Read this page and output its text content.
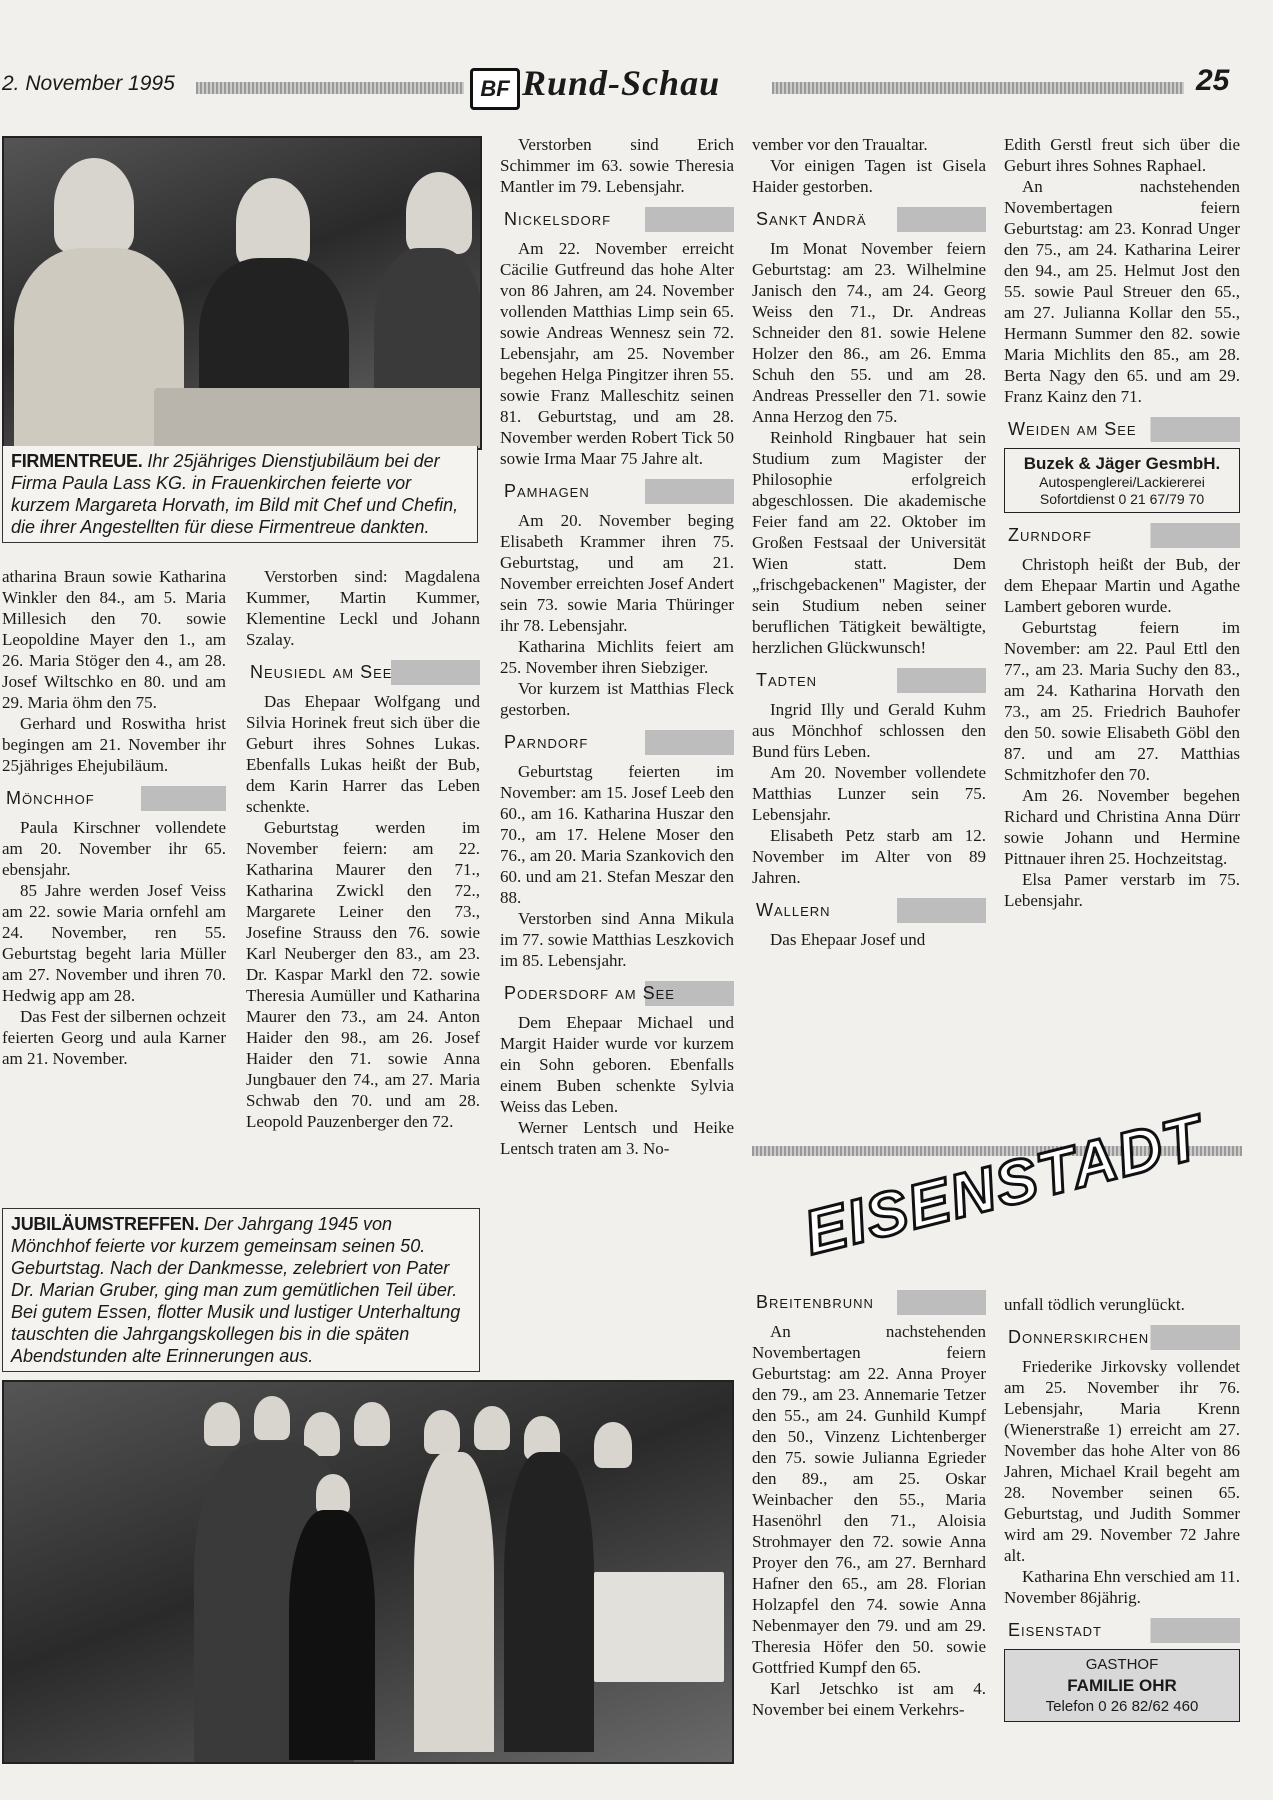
2. November 1995	BF Rund-Schau	25
FIRMENTREUE. Ihr 25jähriges Dienstjubiläum bei der Firma Paula Lass KG. in Frauenkirchen feierte vor kurzem Margareta Horvath, im Bild mit Chef und Chefin, die ihrer Angestellten für diese Firmentreue dankten.

atharina Braun sowie Katharina Winkler den 84., am 5. Maria Millesich den 70. sowie Leopoldine Mayer den 1., am 26. Maria Stöger den 4., am 28. Josef Wiltschko en 80. und am 29. Maria öhm den 75.

Gerhard und Roswitha hrist begingen am 21. November ihr 25jähriges Ehejubiläum.

Mönchhof

Paula Kirschner vollendete am 20. November ihr 65. ebensjahr.

85 Jahre werden Josef Veiss am 22. sowie Maria ornfehl am 24. November, ren 55. Geburtstag begeht laria Müller am 27. November und ihren 70. Hedwig app am 28.

Das Fest der silbernen ochzeit feierten Georg und aula Karner am 21. November.

Verstorben sind: Magdalena Kummer, Martin Kummer, Klementine Leckl und Johann Szalay.

Neusiedl am See

Das Ehepaar Wolfgang und Silvia Horinek freut sich über die Geburt ihres Sohnes Lukas. Ebenfalls Lukas heißt der Bub, dem Karin Harrer das Leben schenkte.

Geburtstag werden im November feiern: am 22. Katharina Maurer den 71., Katharina Zwickl den 72., Margarete Leiner den 73., Josefine Strauss den 76. sowie Karl Neuberger den 83., am 23. Dr. Kaspar Markl den 72. sowie Theresia Aumüller und Katharina Maurer den 73., am 24. Anton Haider den 98., am 26. Josef Haider den 71. sowie Anna Jungbauer den 74., am 27. Maria Schwab den 70. und am 28. Leopold Pauzenberger den 72.

JUBILÄUMSTREFFEN. Der Jahrgang 1945 von Mönchhof feierte vor kurzem gemeinsam seinen 50. Geburtstag. Nach der Dankmesse, zelebriert von Pater Dr. Marian Gruber, ging man zum gemütlichen Teil über. Bei gutem Essen, flotter Musik und lustiger Unterhaltung tauschten die Jahrgangskollegen bis in die späten Abendstunden alte Erinnerungen aus.

Verstorben sind Erich Schimmer im 63. sowie Theresia Mantler im 79. Lebensjahr.

Nickelsdorf

Am 22. November erreicht Cäcilie Gutfreund das hohe Alter von 86 Jahren, am 24. November vollenden Matthias Limp sein 65. sowie Andreas Wennesz sein 72. Lebensjahr, am 25. November begehen Helga Pingitzer ihren 55. sowie Franz Malleschitz seinen 81. Geburtstag, und am 28. November werden Robert Tick 50 sowie Irma Maar 75 Jahre alt.

Pamhagen

Am 20. November beging Elisabeth Krammer ihren 75. Geburtstag, und am 21. November erreichten Josef Andert sein 73. sowie Maria Thüringer ihr 78. Lebensjahr.

Katharina Michlits feiert am 25. November ihren Siebziger.

Vor kurzem ist Matthias Fleck gestorben.

Parndorf

Geburtstag feierten im November: am 15. Josef Leeb den 60., am 16. Katharina Huszar den 70., am 17. Helene Moser den 76., am 20. Maria Szankovich den 60. und am 21. Stefan Meszar den 88.

Verstorben sind Anna Mikula im 77. sowie Matthias Leszkovich im 85. Lebensjahr.

Podersdorf am See

Dem Ehepaar Michael und Margit Haider wurde vor kurzem ein Sohn geboren. Ebenfalls einem Buben schenkte Sylvia Weiss das Leben.

Werner Lentsch und Heike Lentsch traten am 3. No-

vember vor den Traualtar.

Vor einigen Tagen ist Gisela Haider gestorben.

Sankt Andrä

Im Monat November feiern Geburtstag: am 23. Wilhelmine Janisch den 74., am 24. Georg Weiss den 71., Dr. Andreas Schneider den 81. sowie Helene Holzer den 86., am 26. Emma Schuh den 55. und am 28. Andreas Presseller den 71. sowie Anna Herzog den 75.

Reinhold Ringbauer hat sein Studium zum Magister der Philosophie erfolgreich abgeschlossen. Die akademische Feier fand am 22. Oktober im Großen Festsaal der Universität Wien statt. Dem „frischgebackenen" Magister, der sein Studium neben seiner beruflichen Tätigkeit bewältigte, herzlichen Glückwunsch!

Tadten

Ingrid Illy und Gerald Kuhm aus Mönchhof schlossen den Bund fürs Leben.

Am 20. November vollendete Matthias Lunzer sein 75. Lebensjahr.

Elisabeth Petz starb am 12. November im Alter von 89 Jahren.

Wallern

Das Ehepaar Josef und

Edith Gerstl freut sich über die Geburt ihres Sohnes Raphael.

An nachstehenden Novembertagen feiern Geburtstag: am 23. Konrad Unger den 75., am 24. Katharina Leirer den 94., am 25. Helmut Jost den 55. sowie Paul Streuer den 65., am 27. Julianna Kollar den 55., Hermann Summer den 82. sowie Maria Michlits den 85., am 28. Berta Nagy den 65. und am 29. Franz Kainz den 71.

Weiden am See
Buzek & Jäger GesmbH.
Autospenglerei/Lackiererei
Sofortdienst 0 21 67/79 70
Zurndorf

Christoph heißt der Bub, der dem Ehepaar Martin und Agathe Lambert geboren wurde.

Geburtstag feiern im November: am 22. Paul Ettl den 77., am 23. Maria Suchy den 83., am 24. Katharina Horvath den 73., am 25. Friedrich Bauhofer den 50. sowie Elisabeth Göbl den 87. und am 27. Matthias Schmitzhofer den 70.

Am 26. November begehen Richard und Christina Anna Dürr sowie Johann und Hermine Pittnauer ihren 25. Hochzeitstag.

Elsa Pamer verstarb im 75. Lebensjahr.

EISENSTADT
Breitenbrunn

An nachstehenden Novembertagen feiern Geburtstag: am 22. Anna Proyer den 79., am 23. Annemarie Tetzer den 55., am 24. Gunhild Kumpf den 50., Vinzenz Lichtenberger den 75. sowie Julianna Egrieder den 89., am 25. Oskar Weinbacher den 55., Maria Hasenöhrl den 71., Aloisia Strohmayer den 72. sowie Anna Proyer den 76., am 27. Bernhard Hafner den 65., am 28. Florian Holzapfel den 74. sowie Anna Nebenmayer den 79. und am 29. Theresia Höfer den 50. sowie Gottfried Kumpf den 65.

Karl Jetschko ist am 4. November bei einem Verkehrs-

unfall tödlich verunglückt.

Donnerskirchen

Friederike Jirkovsky vollendet am 25. November ihr 76. Lebensjahr, Maria Krenn (Wienerstraße 1) erreicht am 27. November das hohe Alter von 86 Jahren, Michael Krail begeht am 28. November seinen 65. Geburtstag, und Judith Sommer wird am 29. November 72 Jahre alt.

Katharina Ehn verschied am 11. November 86jährig.

Eisenstadt
GASTHOF
FAMILIE OHR
Telefon 0 26 82/62 460
